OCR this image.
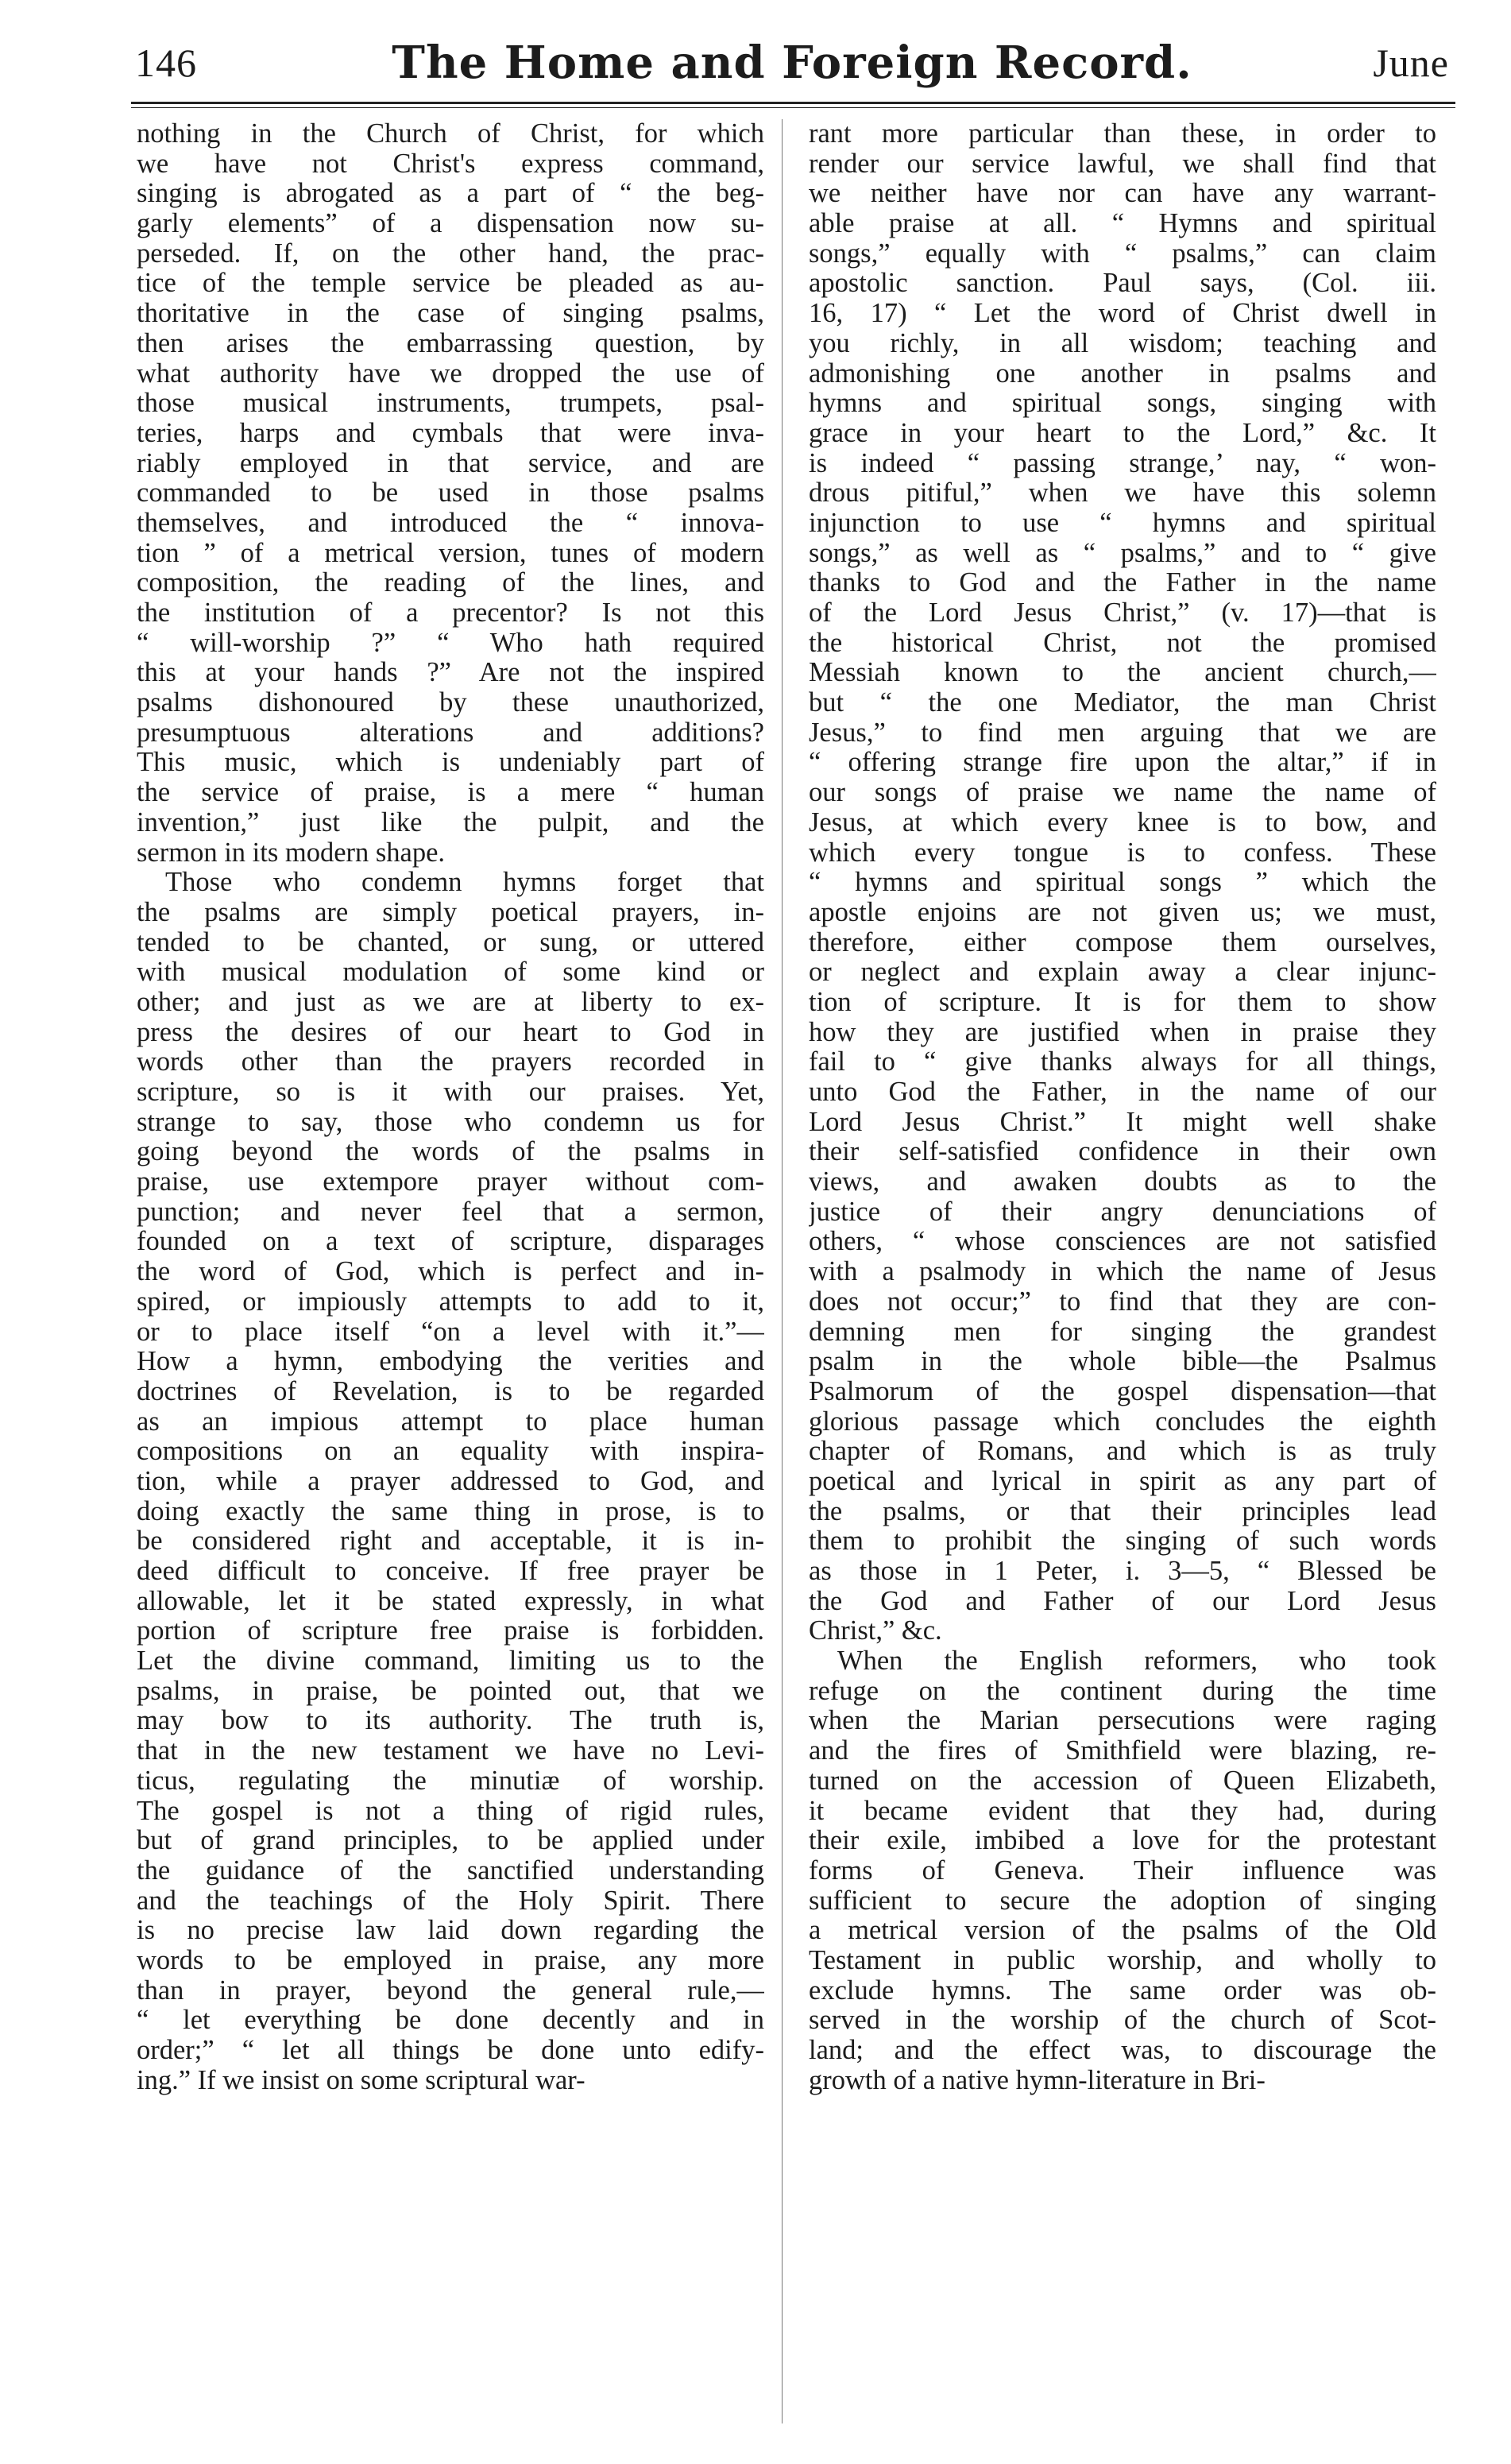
146	The Home and Foreign Record.	June
nothing in the Church of Christ, for which
we have not Christ's express command,
singing is abrogated as a part of “ the beg-
garly elements” of a dispensation now su-
perseded. If, on the other hand, the prac-
tice of the temple service be pleaded as au-
thoritative in the case of singing psalms,
then arises the embarrassing question, by
what authority have we dropped the use of
those musical instruments, trumpets, psal-
teries, harps and cymbals that were inva-
riably employed in that service, and are
commanded to be used in those psalms
themselves, and introduced the “ innova-
tion ” of a metrical version, tunes of modern
composition, the reading of the lines, and
the institution of a precentor? Is not this
“ will-worship ?” “ Who hath required
this at your hands ?” Are not the inspired
psalms dishonoured by these unauthorized,
presumptuous alterations and additions?
This music, which is undeniably part of
the service of praise, is a mere “ human
invention,” just like the pulpit, and the
sermon in its modern shape.
Those who condemn hymns forget that
the psalms are simply poetical prayers, in-
tended to be chanted, or sung, or uttered
with musical modulation of some kind or
other; and just as we are at liberty to ex-
press the desires of our heart to God in
words other than the prayers recorded in
scripture, so is it with our praises. Yet,
strange to say, those who condemn us for
going beyond the words of the psalms in
praise, use extempore prayer without com-
punction; and never feel that a sermon,
founded on a text of scripture, disparages
the word of God, which is perfect and in-
spired, or impiously attempts to add to it,
or to place itself “on a level with it.”—
How a hymn, embodying the verities and
doctrines of Revelation, is to be regarded
as an impious attempt to place human
compositions on an equality with inspira-
tion, while a prayer addressed to God, and
doing exactly the same thing in prose, is to
be considered right and acceptable, it is in-
deed difficult to conceive. If free prayer be
allowable, let it be stated expressly, in what
portion of scripture free praise is forbidden.
Let the divine command, limiting us to the
psalms, in praise, be pointed out, that we
may bow to its authority. The truth is,
that in the new testament we have no Levi-
ticus, regulating the minutiæ of worship.
The gospel is not a thing of rigid rules,
but of grand principles, to be applied under
the guidance of the sanctified understanding
and the teachings of the Holy Spirit. There
is no precise law laid down regarding the
words to be employed in praise, any more
than in prayer, beyond the general rule,—
“ let everything be done decently and in
order;” “ let all things be done unto edify-
ing.” If we insist on some scriptural war-
rant more particular than these, in order to
render our service lawful, we shall find that
we neither have nor can have any warrant-
able praise at all. “ Hymns and spiritual
songs,” equally with “ psalms,” can claim
apostolic sanction. Paul says, (Col. iii.
16, 17) “ Let the word of Christ dwell in
you richly, in all wisdom; teaching and
admonishing one another in psalms and
hymns and spiritual songs, singing with
grace in your heart to the Lord,” &c. It
is indeed “ passing strange,’ nay, “ won-
drous pitiful,” when we have this solemn
injunction to use “ hymns and spiritual
songs,” as well as “ psalms,” and to “ give
thanks to God and the Father in the name
of the Lord Jesus Christ,” (v. 17)—that is
the historical Christ, not the promised
Messiah known to the ancient church,—
but “ the one Mediator, the man Christ
Jesus,” to find men arguing that we are
“ offering strange fire upon the altar,” if in
our songs of praise we name the name of
Jesus, at which every knee is to bow, and
which every tongue is to confess. These
“ hymns and spiritual songs ” which the
apostle enjoins are not given us; we must,
therefore, either compose them ourselves,
or neglect and explain away a clear injunc-
tion of scripture. It is for them to show
how they are justified when in praise they
fail to “ give thanks always for all things,
unto God the Father, in the name of our
Lord Jesus Christ.” It might well shake
their self-satisfied confidence in their own
views, and awaken doubts as to the
justice of their angry denunciations of
others, “ whose consciences are not satisfied
with a psalmody in which the name of Jesus
does not occur;” to find that they are con-
demning men for singing the grandest
psalm in the whole bible—the Psalmus
Psalmorum of the gospel dispensation—that
glorious passage which concludes the eighth
chapter of Romans, and which is as truly
poetical and lyrical in spirit as any part of
the psalms, or that their principles lead
them to prohibit the singing of such words
as those in 1 Peter, i. 3—5, “ Blessed be
the God and Father of our Lord Jesus
Christ,” &c.
When the English reformers, who took
refuge on the continent during the time
when the Marian persecutions were raging
and the fires of Smithfield were blazing, re-
turned on the accession of Queen Elizabeth,
it became evident that they had, during
their exile, imbibed a love for the protestant
forms of Geneva. Their influence was
sufficient to secure the adoption of singing
a metrical version of the psalms of the Old
Testament in public worship, and wholly to
exclude hymns. The same order was ob-
served in the worship of the church of Scot-
land; and the effect was, to discourage the
growth of a native hymn-literature in Bri-
